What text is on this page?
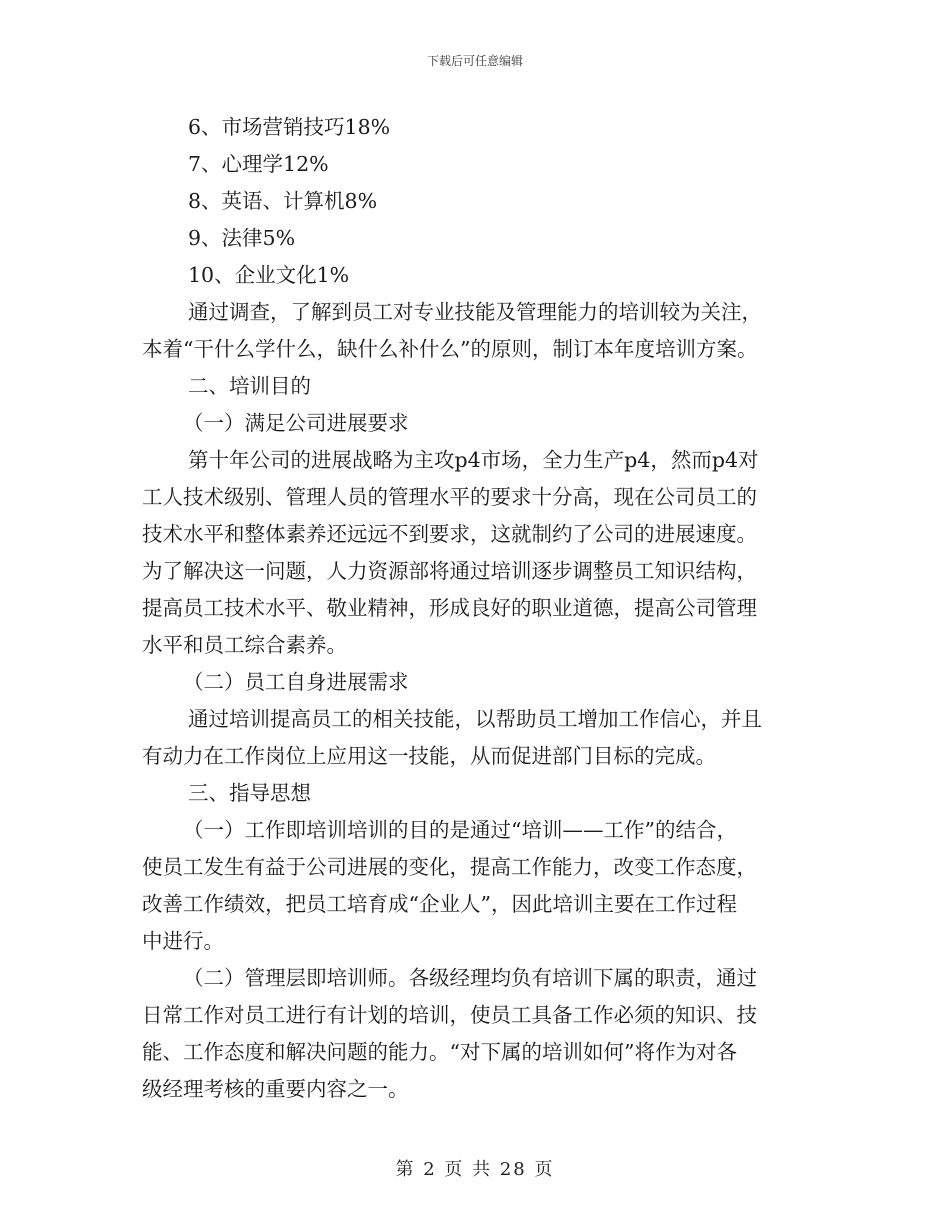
下载后可任意编辑
6、市场营销技巧18%
7、心理学12%
8、英语、计算机8%
9、法律5%
10、企业文化1%
通过调查，了解到员工对专业技能及管理能力的培训较为关注，
本着“干什么学什么，缺什么补什么”的原则，制订本年度培训方案。
二、培训目的
（一）满足公司进展要求
第十年公司的进展战略为主攻p4市场，全力生产p4，然而p4对
工人技术级别、管理人员的管理水平的要求十分高，现在公司员工的
技术水平和整体素养还远远不到要求，这就制约了公司的进展速度。
为了解决这一问题，人力资源部将通过培训逐步调整员工知识结构，
提高员工技术水平、敬业精神，形成良好的职业道德，提高公司管理
水平和员工综合素养。
（二）员工自身进展需求
通过培训提高员工的相关技能，以帮助员工增加工作信心，并且
有动力在工作岗位上应用这一技能，从而促进部门目标的完成。
三、指导思想
（一）工作即培训培训的目的是通过“培训——工作”的结合，
使员工发生有益于公司进展的变化，提高工作能力，改变工作态度，
改善工作绩效，把员工培育成“企业人”，因此培训主要在工作过程
中进行。
（二）管理层即培训师。各级经理均负有培训下属的职责，通过
日常工作对员工进行有计划的培训，使员工具备工作必须的知识、技
能、工作态度和解决问题的能力。“对下属的培训如何”将作为对各
级经理考核的重要内容之一。
第 2 页 共 28 页
